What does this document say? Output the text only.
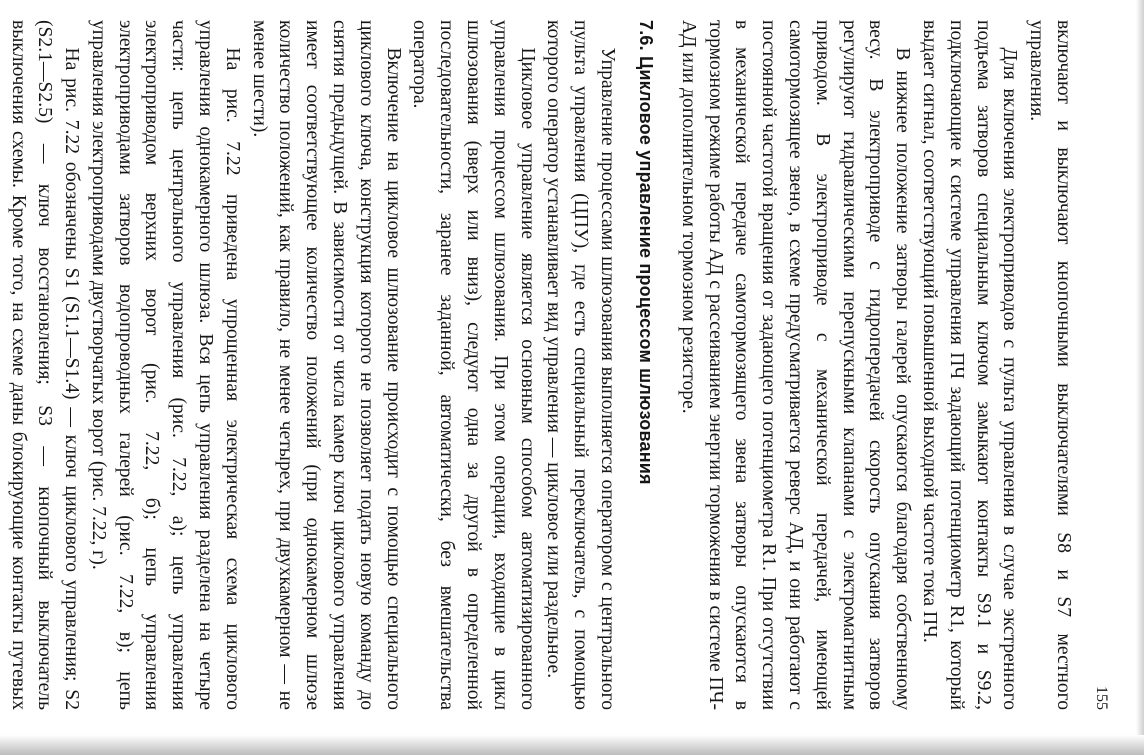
включают и выключают кнопочными выключателями S8 и S7 местного управления.

Для включения электроприводов с пульта управления в случае экстренного подъема затворов специальным ключом замыкают контакты S9.1 и S9.2, подключающие к системе управления ПЧ задающий потенциометр R1, который выдает сигнал, соответствующий повышенной выходной частоте тока ПЧ.

В нижнее положение затворы галерей опускаются благодаря собственному весу. В электроприводе с гидропередачей скорость опускания затворов регулируют гидравлическими перепускными клапанами с электромагнитным приводом. В электроприводе с механической передачей, имеющей самотормозящее звено, в схеме предусматривается реверс АД, и они работают с постоянной частотой вращения от задающего потенциометра R1. При отсутствии в механической передаче самотормозящего звена затворы опускаются в тормозном режиме работы АД с рассеиванием энергии торможения в системе ПЧ-АД или дополнительном тормозном резисторе.

7.6. Цикловое управление процессом шлюзования

Управление процессами шлюзования выполняется оператором с центрального пульта управления (ЦПУ), где есть специальный переключатель, с помощью которого оператор устанавливает вид управления — цикловое или раздельное.

Цикловое управление является основным способом автоматизированного управления процессом шлюзования. При этом операции, входящие в цикл шлюзования (вверх или вниз), следуют одна за другой в определенной последовательности, заранее заданной, автоматически, без вмешательства оператора.

Включение на цикловое шлюзование происходит с помощью специального циклового ключа, конструкция которого не позволяет подать новую команду до снятия предыдущей. В зависимости от числа камер ключ циклового управления имеет соответствующее количество положений (при однокамерном шлюзе количество положений, как правило, не менее четырех, при двухкамерном — не менее шести).

На рис. 7.22 приведена упрощенная электрическая схема циклового управления однокамерного шлюза. Вся цепь управления разделена на четыре части: цепь центрального управления (рис. 7.22, а); цепь управления электроприводом верхних ворот (рис. 7.22, б); цепь управления электроприводами затворов водопроводных галерей (рис. 7.22, в); цепь управления электроприводами двустворчатых ворот (рис. 7.22, г).

На рис. 7.22 обозначены S1 (S1.1—S1.4) — ключ циклового управления; S2 (S2.1—S2.5) — ключ восстановления; S3 — кнопочный выключатель выключения схемы. Кроме того, на схеме даны блокирующие контакты путевых	155
